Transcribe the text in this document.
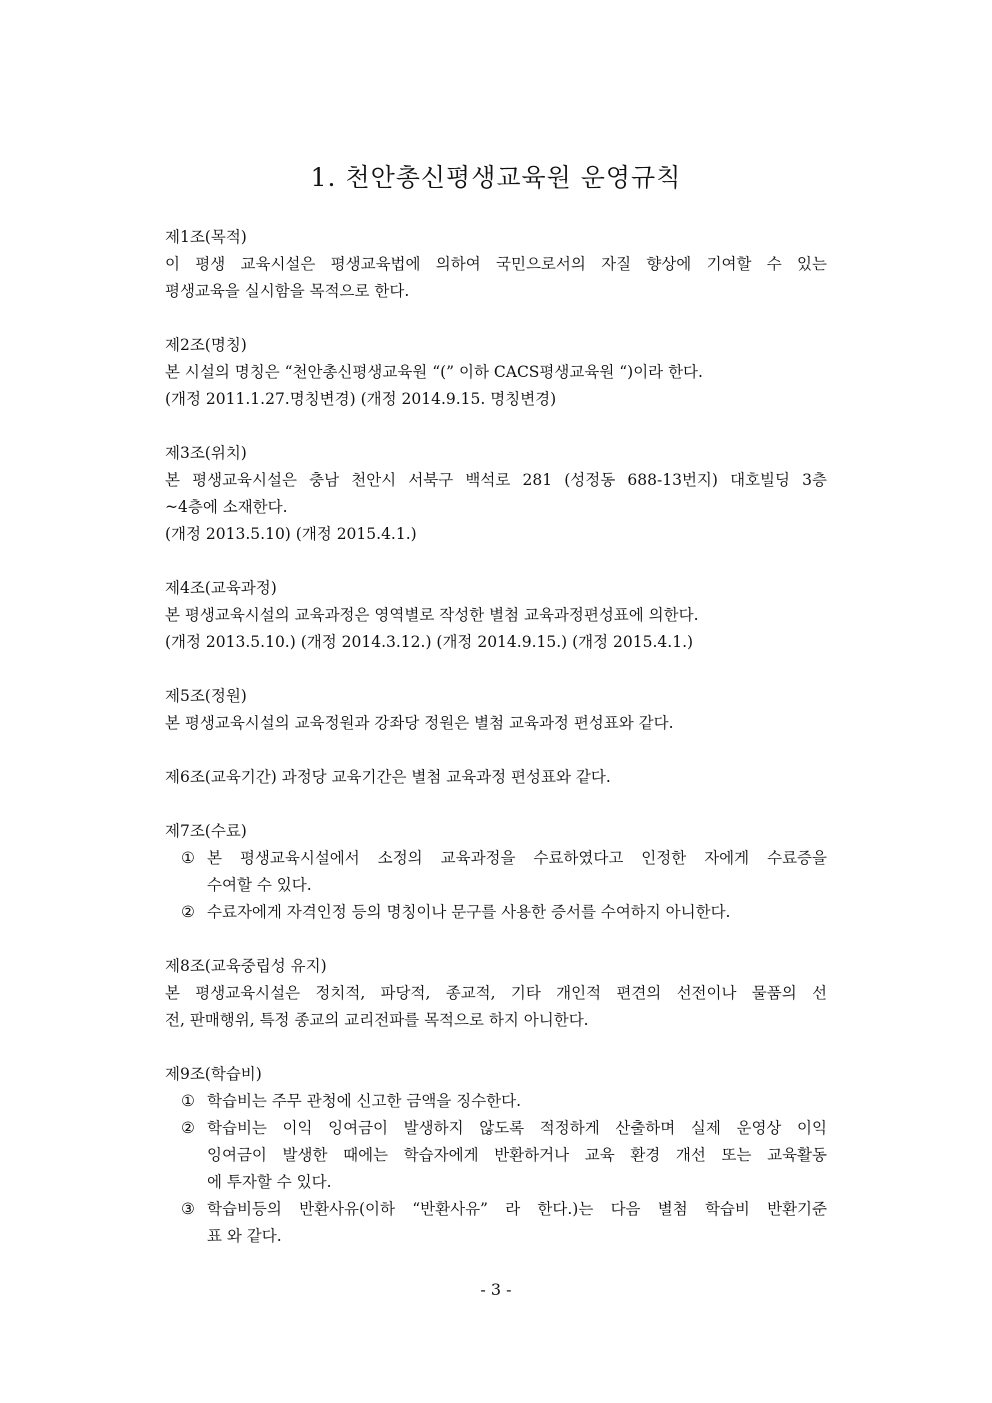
1. 천안총신평생교육원 운영규칙
제1조(목적)
이 평생 교육시설은 평생교육법에 의하여 국민으로서의 자질 향상에 기여할 수 있는
평생교육을 실시함을 목적으로 한다.
제2조(명칭)
본 시설의 명칭은 “천안총신평생교육원 “(” 이하 CACS평생교육원 “)이라 한다.
(개정 2011.1.27.명칭변경) (개정 2014.9.15. 명칭변경)
제3조(위치)
본 평생교육시설은 충남 천안시 서북구 백석로 281 (성정동 688-13번지) 대호빌딩 3층
~4층에 소재한다.
(개정 2013.5.10) (개정 2015.4.1.)
제4조(교육과정)
본 평생교육시설의 교육과정은 영역별로 작성한 별첨 교육과정편성표에 의한다.
(개정 2013.5.10.) (개정 2014.3.12.) (개정 2014.9.15.) (개정 2015.4.1.)
제5조(정원)
본 평생교육시설의 교육정원과 강좌당 정원은 별첨 교육과정 편성표와 같다.
제6조(교육기간) 과정당 교육기간은 별첨 교육과정 편성표와 같다.
제7조(수료)
① 본 평생교육시설에서 소정의 교육과정을 수료하였다고 인정한 자에게 수료증을
수여할 수 있다.
② 수료자에게 자격인정 등의 명칭이나 문구를 사용한 증서를 수여하지 아니한다.
제8조(교육중립성 유지)
본 평생교육시설은 정치적, 파당적, 종교적, 기타 개인적 편견의 선전이나 물품의 선
전, 판매행위, 특정 종교의 교리전파를 목적으로 하지 아니한다.
제9조(학습비)
① 학습비는 주무 관청에 신고한 금액을 징수한다.
② 학습비는 이익 잉여금이 발생하지 않도록 적정하게 산출하며 실제 운영상 이익
잉여금이 발생한 때에는 학습자에게 반환하거나 교육 환경 개선 또는 교육활동
에 투자할 수 있다.
③ 학습비등의 반환사유(이하 “반환사유” 라 한다.)는 다음 별첨 학습비 반환기준
표 와 같다.
- 3 -
